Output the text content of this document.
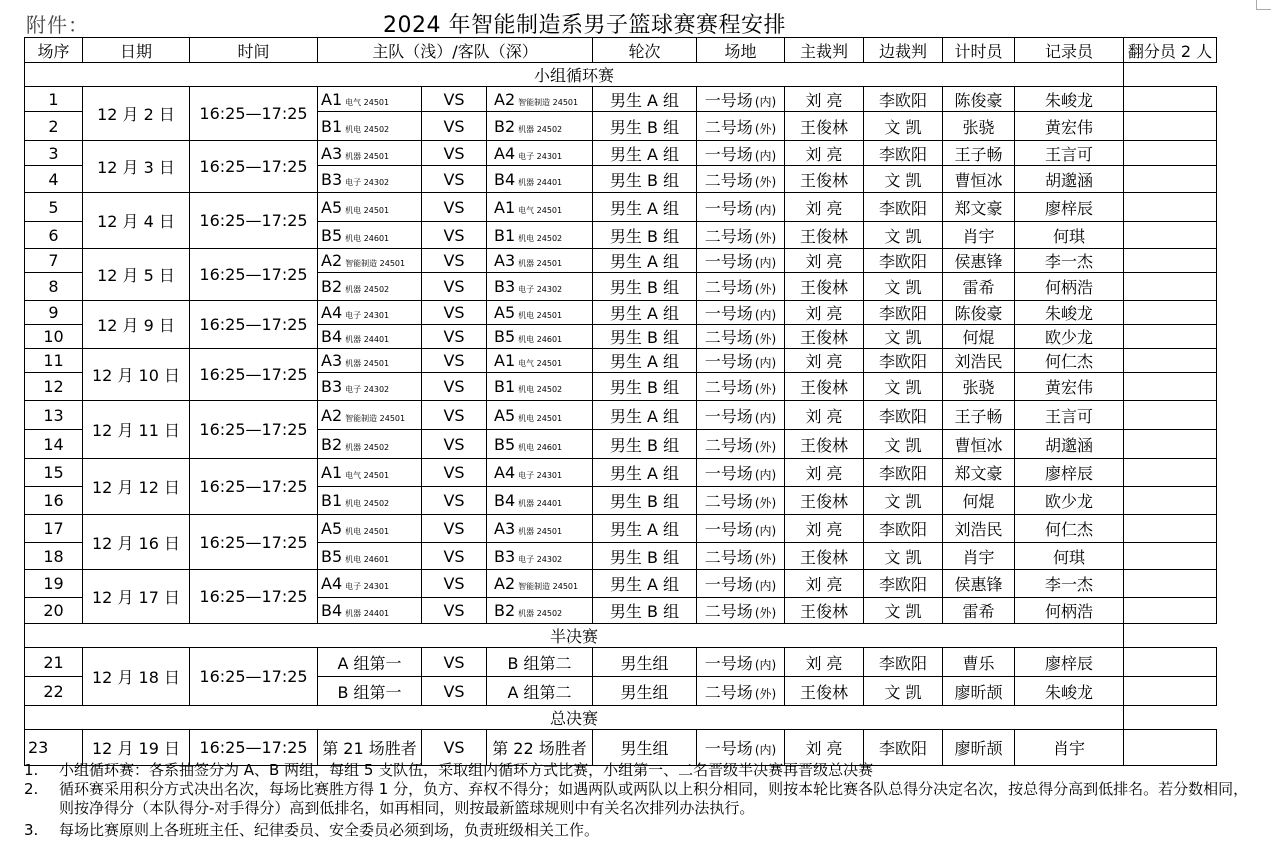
附件：	2024 年智能制造系男子篮球赛赛程安排
场序	日期	时间	主队（浅）/客队（深）			轮次	场地	主裁判	边裁判	计时员	记录员	翻分员 2 人
小组循环赛												
1	12 月 2 日	16:25—17:25	A1 电气 24501	VS	A2 智能制造 24501	男生 A 组	一号场 (内)	刘 亮	李欧阳	陈俊豪	朱峻龙	
2			B1 机电 24502	VS	B2 机器 24502	男生 B 组	二号场 (外)	王俊林	文 凯	张骁	黄宏伟	
3	12 月 3 日	16:25—17:25	A3 机器 24501	VS	A4 电子 24301	男生 A 组	一号场 (内)	刘 亮	李欧阳	王子畅	王言可	
4			B3 电子 24302	VS	B4 机器 24401	男生 B 组	二号场 (外)	王俊林	文 凯	曹恒冰	胡邈涵	
5	12 月 4 日	16:25—17:25	A5 机电 24501	VS	A1 电气 24501	男生 A 组	一号场 (内)	刘 亮	李欧阳	郑文豪	廖梓辰	
6			B5 机电 24601	VS	B1 机电 24502	男生 B 组	二号场 (外)	王俊林	文 凯	肖宇	何琪	
7	12 月 5 日	16:25—17:25	A2 智能制造 24501	VS	A3 机器 24501	男生 A 组	一号场 (内)	刘 亮	李欧阳	侯惠锋	李一杰	
8			B2 机器 24502	VS	B3 电子 24302	男生 B 组	二号场 (外)	王俊林	文 凯	雷希	何柄浩	
9	12 月 9 日	16:25—17:25	A4 电子 24301	VS	A5 机电 24501	男生 A 组	一号场 (内)	刘 亮	李欧阳	陈俊豪	朱峻龙	
10			B4 机器 24401	VS	B5 机电 24601	男生 B 组	二号场 (外)	王俊林	文 凯	何焜	欧少龙	
11	12 月 10 日	16:25—17:25	A3 机器 24501	VS	A1 电气 24501	男生 A 组	一号场 (内)	刘 亮	李欧阳	刘浩民	何仁杰	
12			B3 电子 24302	VS	B1 机电 24502	男生 B 组	二号场 (外)	王俊林	文 凯	张骁	黄宏伟	
13	12 月 11 日	16:25—17:25	A2 智能制造 24501	VS	A5 机电 24501	男生 A 组	一号场 (内)	刘 亮	李欧阳	王子畅	王言可	
14			B2 机器 24502	VS	B5 机电 24601	男生 B 组	二号场 (外)	王俊林	文 凯	曹恒冰	胡邈涵	
15	12 月 12 日	16:25—17:25	A1 电气 24501	VS	A4 电子 24301	男生 A 组	一号场 (内)	刘 亮	李欧阳	郑文豪	廖梓辰	
16			B1 机电 24502	VS	B4 机器 24401	男生 B 组	二号场 (外)	王俊林	文 凯	何焜	欧少龙	
17	12 月 16 日	16:25—17:25	A5 机电 24501	VS	A3 机器 24501	男生 A 组	一号场 (内)	刘 亮	李欧阳	刘浩民	何仁杰	
18			B5 机电 24601	VS	B3 电子 24302	男生 B 组	二号场 (外)	王俊林	文 凯	肖宇	何琪	
19	12 月 17 日	16:25—17:25	A4 电子 24301	VS	A2 智能制造 24501	男生 A 组	一号场 (内)	刘 亮	李欧阳	侯惠锋	李一杰	
20			B4 机器 24401	VS	B2 机器 24502	男生 B 组	二号场 (外)	王俊林	文 凯	雷希	何柄浩	
半决赛												
21	12 月 18 日	16:25—17:25	A 组第一	VS	B 组第二	男生组	一号场 (内)	刘 亮	李欧阳	曹乐	廖梓辰	
22			B 组第一	VS	A 组第二	男生组	二号场 (外)	王俊林	文 凯	廖昕颉	朱峻龙	
总决赛												
23	12 月 19 日	16:25—17:25	第 21 场胜者	VS	第 22 场胜者	男生组	一号场 (内)	刘 亮	李欧阳	廖昕颉	肖宇	
1. 小组循环赛：各系抽签分为 A、B 两组，每组 5 支队伍，采取组内循环方式比赛，小组第一、二名晋级半决赛再晋级总决赛
2. 循环赛采用积分方式决出名次，每场比赛胜方得 1 分，负方、弃权不得分；如遇两队或两队以上积分相同，则按本轮比赛各队总得分决定名次，按总得分高到低排名。若分数相同，则按净得分（本队得分-对手得分）高到低排名，如再相同，则按最新篮球规则中有关名次排列办法执行。
3. 每场比赛原则上各班班主任、纪律委员、安全委员必须到场，负责班级相关工作。
